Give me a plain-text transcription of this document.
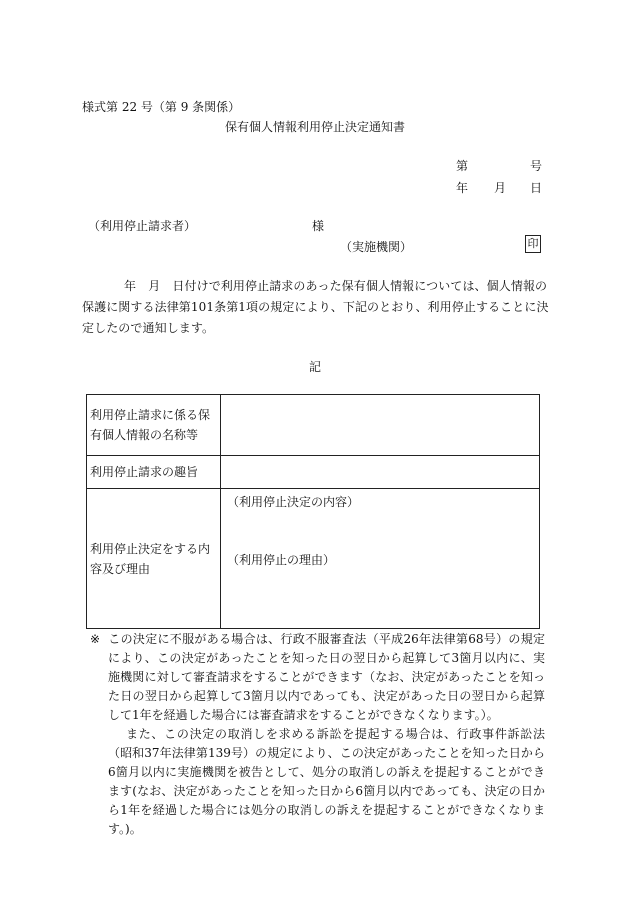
様式第 22 号（第 9 条関係）
保有個人情報利用停止決定通知書
第	号
年 月 日
（利用停止請求者）	様
（実施機関）	印
年　月　日付けで利用停止請求のあった保有個人情報については、個人情報の保護に関する法律第101条第1項の規定により、下記のとおり、利用停止することに決定したので通知します。
記
利用停止請求に係る保有個人情報の名称等	
利用停止請求の趣旨	
利用停止決定をする内容及び理由	（利用停止決定の内容）
（利用停止の理由）

※ この決定に不服がある場合は、行政不服審査法（平成26年法律第68号）の規定により、この決定があったことを知った日の翌日から起算して3箇月以内に、実施機関に対して審査請求をすることができます（なお、決定があったことを知った日の翌日から起算して3箇月以内であっても、決定があった日の翌日から起算して1年を経過した場合には審査請求をすることができなくなります。）。

また、この決定の取消しを求める訴訟を提起する場合は、行政事件訴訟法（昭和37年法律第139号）の規定により、この決定があったことを知った日から6箇月以内に実施機関を被告として、処分の取消しの訴えを提起することができます(なお、決定があったことを知った日から6箇月以内であっても、決定の日から1年を経過した場合には処分の取消しの訴えを提起することができなくなります。)。
